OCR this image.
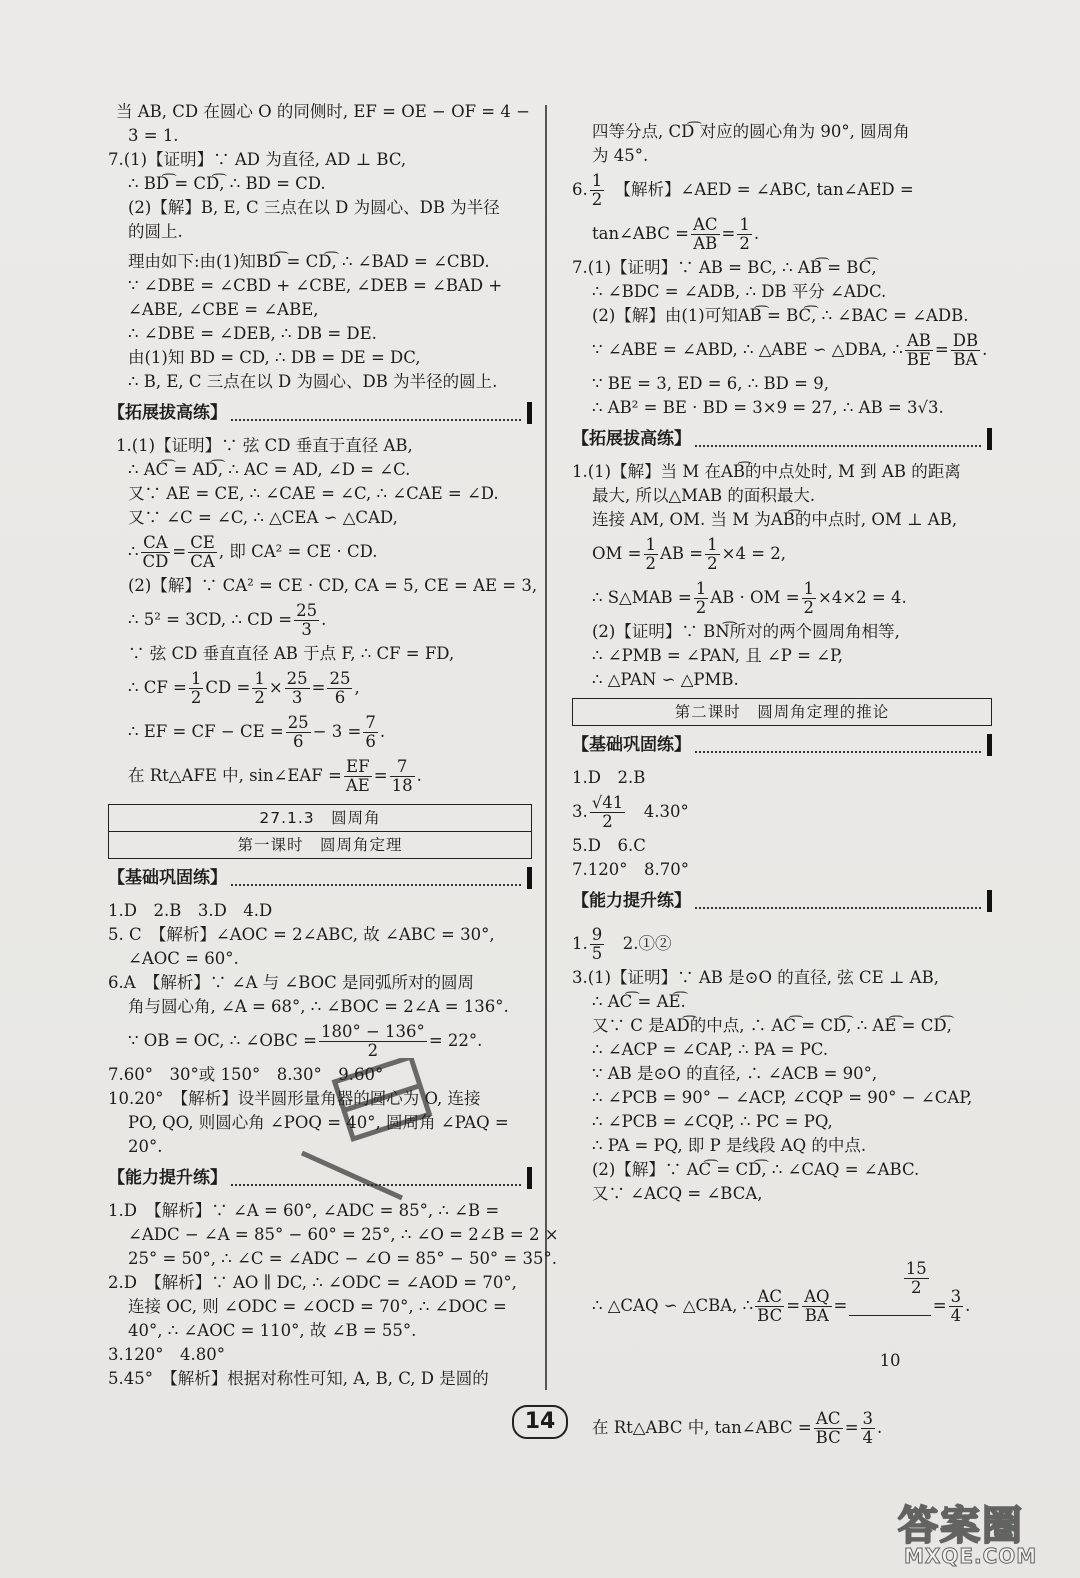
当 AB, CD 在圆心 O 的同侧时, EF = OE − OF = 4 −
3 = 1.
7.(1)【证明】∵ AD 为直径, AD ⊥ BC,
∴ BD͡ = CD͡, ∴ BD = CD.
(2)【解】B, E, C 三点在以 D 为圆心、DB 为半径
的圆上.
理由如下:由(1)知BD͡ = CD͡, ∴ ∠BAD = ∠CBD.
∵ ∠DBE = ∠CBD + ∠CBE, ∠DEB = ∠BAD +
∠ABE, ∠CBE = ∠ABE,
∴ ∠DBE = ∠DEB, ∴ DB = DE.
由(1)知 BD = CD, ∴ DB = DE = DC,
∴ B, E, C 三点在以 D 为圆心、DB 为半径的圆上.
【拓展拔高练】
1.(1)【证明】∵ 弦 CD 垂直于直径 AB,
∴ AC͡ = AD͡, ∴ AC = AD, ∠D = ∠C.
又∵ AE = CE, ∴ ∠CAE = ∠C, ∴ ∠CAE = ∠D.
又∵ ∠C = ∠C, ∴ △CEA ∽ △CAD,
∴ $\frac{CA}{CD} = \frac{CE}{CA}$ , 即 CA² = CE · CD.
(2)【解】∵ CA² = CE · CD, CA = 5, CE = AE = 3,
∴ 5² = 3CD, ∴ CD = $\frac{25}{3}$ .
∵ 弦 CD 垂直直径 AB 于点 F, ∴ CF = FD,
∴ CF = $\frac{1}{2}$ CD = $\frac{1}{2} \times \frac{25}{3} = \frac{25}{6}$ ,
∴ EF = CF − CE = $\frac{25}{6} - 3 = \frac{7}{6}$ .
在 Rt△AFE 中, sin∠EAF = $\frac{EF}{AE} = \frac{7}{18}$ .
27.1.3　圆周角
第一课时　圆周角定理
【基础巩固练】
1.D　2.B　3.D　4.D
5. C　【解析】∠AOC = 2∠ABC, 故 ∠ABC = 30°,
∠AOC = 60°.
6.A　【解析】∵ ∠A 与 ∠BOC 是同弧所对的圆周
角与圆心角, ∠A = 68°, ∴ ∠BOC = 2∠A = 136°.
∵ OB = OC, ∴ ∠OBC = $\frac{180^\circ - 136^\circ}{2} = 22^\circ$.
7.60°　30°或 150°　8.30°　9.60°
10.20°　【解析】设半圆形量角器的圆心为 O, 连接
PO, QO, 则圆心角 ∠POQ = 40°, 圆周角 ∠PAQ =
20°.
【能力提升练】
1.D　【解析】∵ ∠A = 60°, ∠ADC = 85°, ∴ ∠B =
∠ADC − ∠A = 85° − 60° = 25°, ∴ ∠O = 2∠B = 2 ×
25° = 50°, ∴ ∠C = ∠ADC − ∠O = 85° − 50° = 35°.
2.D　【解析】∵ AO ∥ DC, ∴ ∠ODC = ∠AOD = 70°,
连接 OC, 则 ∠ODC = ∠OCD = 70°, ∴ ∠DOC =
40°, ∴ ∠AOC = 110°, 故 ∠B = 55°.
3.120°　4.80°
5.45°　【解析】根据对称性可知, A, B, C, D 是圆的
四等分点, CD͡ 对应的圆心角为 90°, 圆周角
为 45°.
6. $\frac{1}{2}$ 　【解析】∠AED = ∠ABC, tan∠AED =
tan∠ABC = $\frac{AC}{AB} = \frac{1}{2}$ .
7.(1)【证明】∵ AB = BC, ∴ AB͡ = BC͡,
∴ ∠BDC = ∠ADB, ∴ DB 平分 ∠ADC.
(2)【解】由(1)可知AB͡ = BC͡, ∴ ∠BAC = ∠ADB.
∵ ∠ABE = ∠ABD, ∴ △ABE ∽ △DBA, ∴ $\frac{AB}{BE} = \frac{DB}{BA}$ .
∵ BE = 3, ED = 6, ∴ BD = 9,
∴ AB² = BE · BD = 3×9 = 27, ∴ AB = 3√3.
【拓展拔高练】
1.(1)【解】当 M 在AB͡的中点处时, M 到 AB 的距离
最大, 所以△MAB 的面积最大.
连接 AM, OM. 当 M 为AB͡的中点时, OM ⊥ AB,
OM = $\frac{1}{2}$ AB = $\frac{1}{2} \times 4 = 2$,
∴ S△MAB = $\frac{1}{2}$ AB · OM = $\frac{1}{2} \times 4\times 2 = 4$.
(2)【证明】∵ BN͡所对的两个圆周角相等,
∴ ∠PMB = ∠PAN, 且 ∠P = ∠P,
∴ △PAN ∽ △PMB.
第二课时　圆周角定理的推论
【基础巩固练】
1.D　2.B
3. $\frac{√41}{2}$ 　4.30°
5.D　6.C
7.120°　8.70°
【能力提升练】
1. $\frac{9}{5}$ 　2.①②
3.(1)【证明】∵ AB 是⊙O 的直径, 弦 CE ⊥ AB,
∴ AC͡ = AE͡.
又∵ C 是AD͡的中点, ∴ AC͡ = CD͡, ∴ AE͡ = CD͡,
∴ ∠ACP = ∠CAP, ∴ PA = PC.
∵ AB 是⊙O 的直径, ∴ ∠ACB = 90°,
∴ ∠PCB = 90° − ∠ACP, ∠CQP = 90° − ∠CAP,
∴ ∠PCB = ∠CQP, ∴ PC = PQ,
∴ PA = PQ, 即 P 是线段 AQ 的中点.
(2)【解】∵ AC͡ = CD͡, ∴ ∠CAQ = ∠ABC.
又∵ ∠ACQ = ∠BCA,
∴ △CAQ ∽ △CBA, ∴ $\frac{AC}{BC} = \frac{AQ}{BA}$ =

$\frac{\frac{15}{2}}{10}$

= $\frac{3}{4}$ .
在 Rt△ABC 中, tan∠ABC = $\frac{AC}{BC} = \frac{3}{4}$ .
14
答案圈
MXQE.COM
